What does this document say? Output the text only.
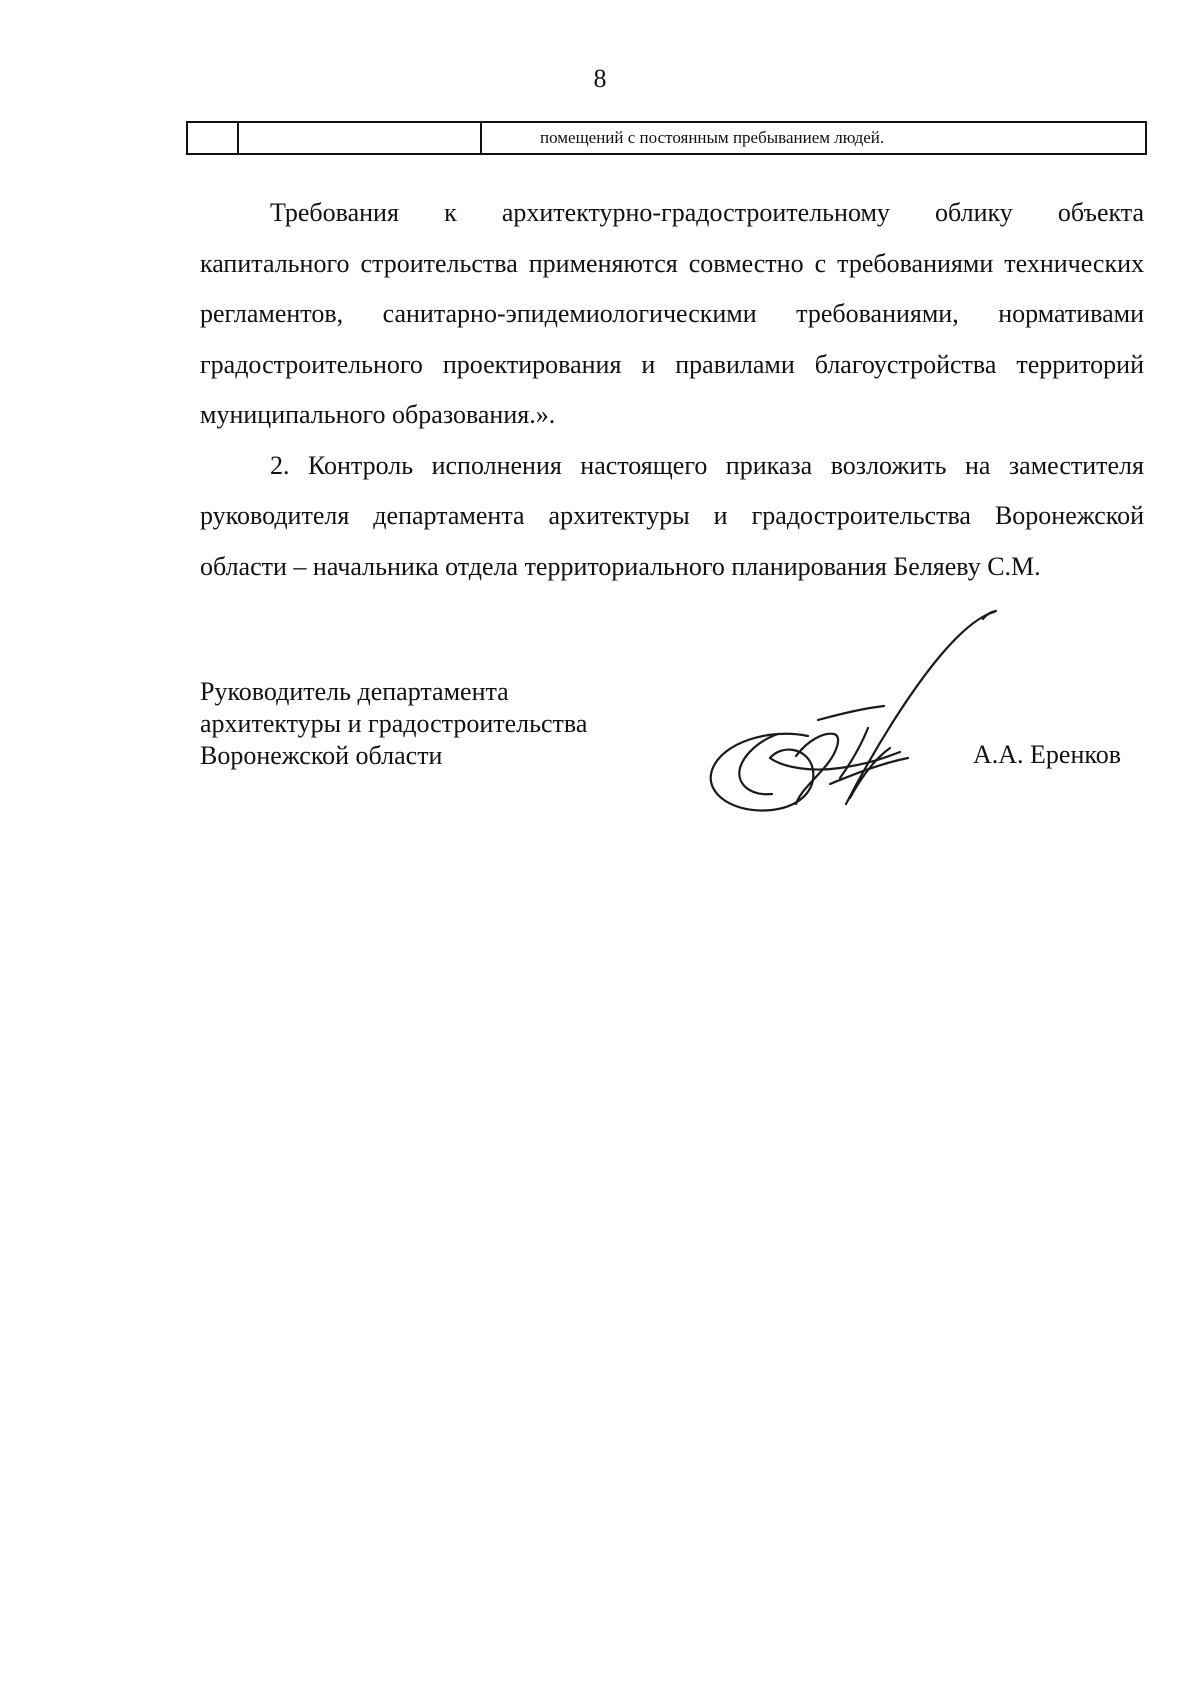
8
		помещений с постоянным пребыванием людей.

Требования к архитектурно-градостроительному облику объекта капитального строительства применяются совместно с требованиями технических регламентов, санитарно-эпидемиологическими требованиями, нормативами градостроительного проектирования и правилами благоустройства территорий муниципального образования.».

2. Контроль исполнения настоящего приказа возложить на заместителя руководителя департамента архитектуры и градостроительства Воронежской области – начальника отдела территориального планирования Беляеву С.М.

Руководитель департамента
архитектуры и градостроительства
Воронежской области	А.А. Еренков
